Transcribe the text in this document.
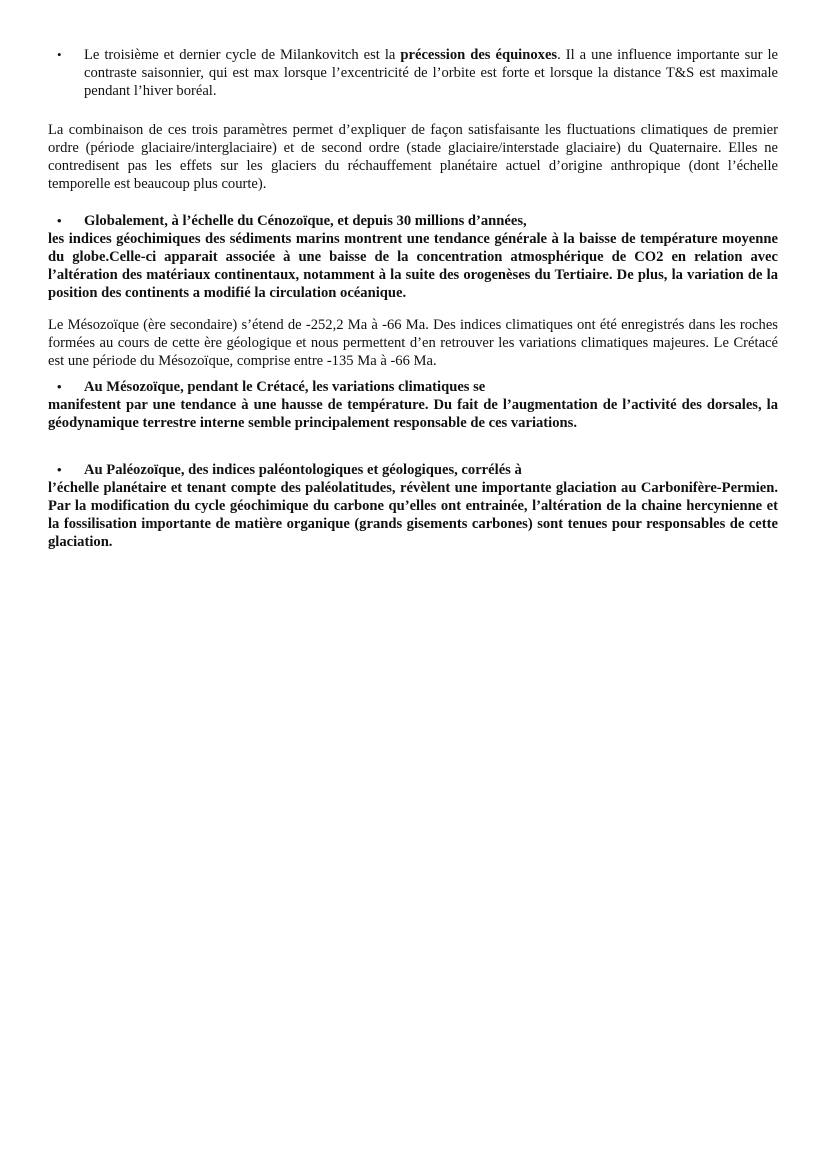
•	Le troisième et dernier cycle de Milankovitch est la précession des équinoxes. Il a une influence importante sur le contraste saisonnier, qui est max lorsque l’excentricité de l’orbite est forte et lorsque la distance T&S est maximale pendant l’hiver boréal.
La combinaison de ces trois paramètres permet d’expliquer de façon satisfaisante les fluctuations climatiques de premier ordre (période glaciaire/interglaciaire) et de second ordre (stade glaciaire/interstade glaciaire) du Quaternaire. Elles ne contredisent pas les effets sur les glaciers du réchauffement planétaire actuel d’origine anthropique (dont l’échelle temporelle est beaucoup plus courte).
• Globalement, à l’échelle du Cénozoïque, et depuis 30 millions d’années,
les indices géochimiques des sédiments marins montrent une tendance générale à la baisse de température moyenne du globe.Celle-ci apparait associée à une baisse de la concentration atmosphérique de CO2 en relation avec l’altération des matériaux continentaux, notamment à la suite des orogenèses du Tertiaire. De plus, la variation de la position des continents a modifié la circulation océanique.
Le Mésozoïque (ère secondaire) s’étend de -252,2 Ma à -66 Ma. Des indices climatiques ont été enregistrés dans les roches formées au cours de cette ère géologique et nous permettent d’en retrouver les variations climatiques majeures. Le Crétacé est une période du Mésozoïque, comprise entre -135 Ma à -66 Ma.
• Au Mésozoïque, pendant le Crétacé, les variations climatiques se
manifestent par une tendance à une hausse de température. Du fait de l’augmentation de l’activité des dorsales, la géodynamique terrestre interne semble principalement responsable de ces variations.
• Au Paléozoïque, des indices paléontologiques et géologiques, corrélés à
l’échelle planétaire et tenant compte des paléolatitudes, révèlent une importante glaciation au Carbonifère-Permien. Par la modification du cycle géochimique du carbone qu’elles ont entrainée, l’altération de la chaine hercynienne et la fossilisation importante de matière organique (grands gisements carbones) sont tenues pour responsables de cette glaciation.
